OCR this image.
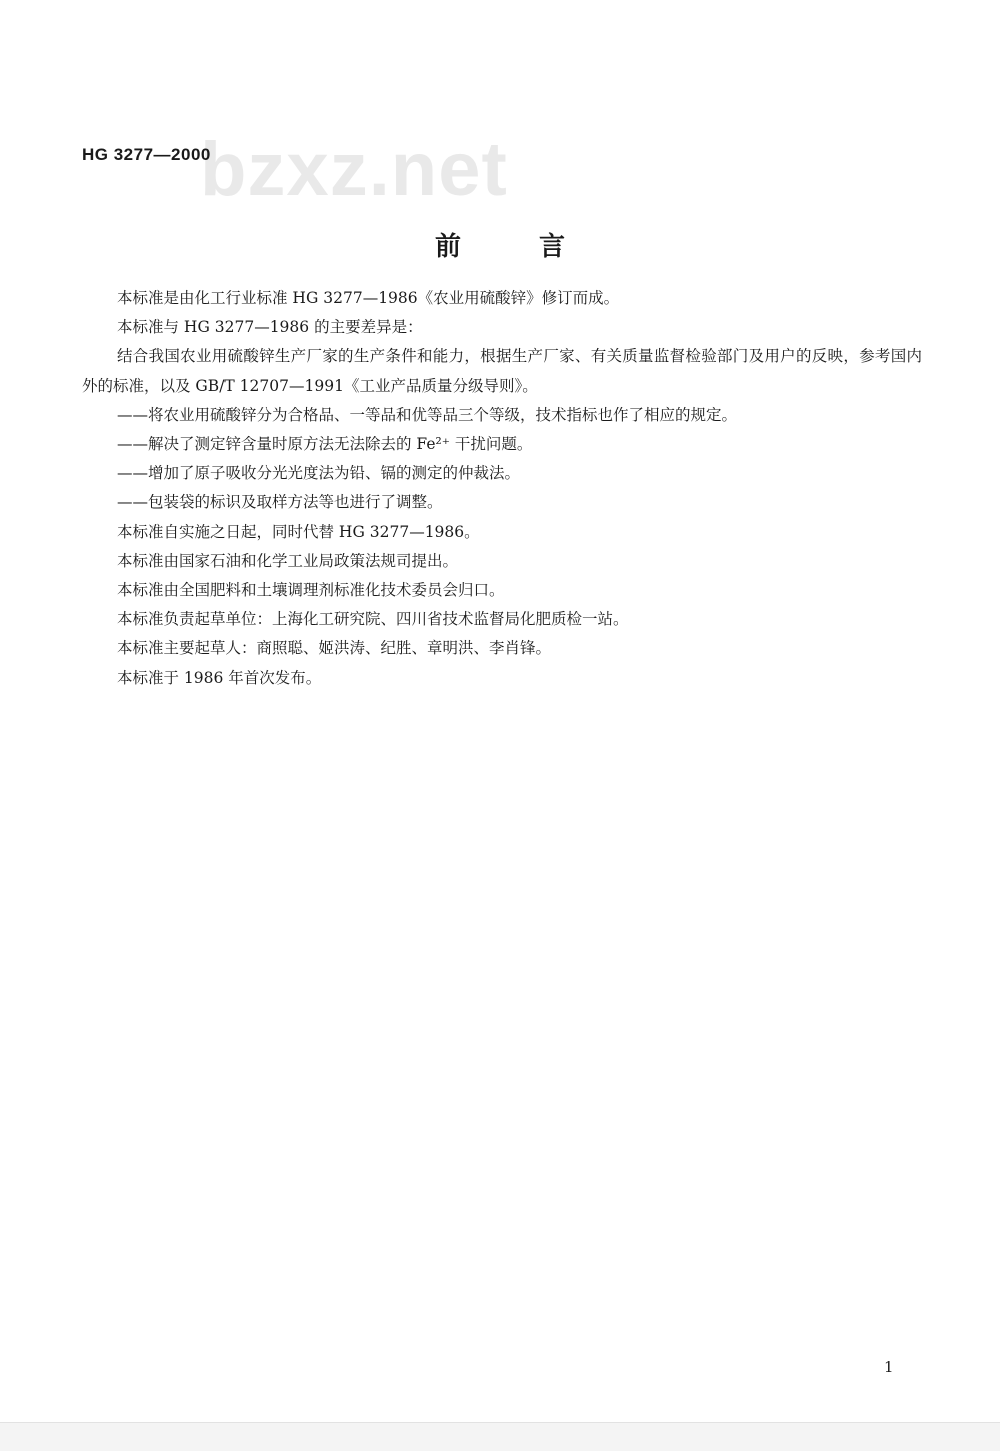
bzxz.net
HG 3277—2000
前言

本标准是由化工行业标准 HG 3277—1986《农业用硫酸锌》修订而成。

本标准与 HG 3277—1986 的主要差异是：

结合我国农业用硫酸锌生产厂家的生产条件和能力，根据生产厂家、有关质量监督检验部门及用户的反映，参考国内外的标准，以及 GB/T 12707—1991《工业产品质量分级导则》。

——将农业用硫酸锌分为合格品、一等品和优等品三个等级，技术指标也作了相应的规定。

——解决了测定锌含量时原方法无法除去的 Fe²⁺ 干扰问题。

——增加了原子吸收分光光度法为铅、镉的测定的仲裁法。

——包装袋的标识及取样方法等也进行了调整。

本标准自实施之日起，同时代替 HG 3277—1986。

本标准由国家石油和化学工业局政策法规司提出。

本标准由全国肥料和土壤调理剂标准化技术委员会归口。

本标准负责起草单位：上海化工研究院、四川省技术监督局化肥质检一站。

本标准主要起草人：商照聪、姬洪涛、纪胜、章明洪、李肖锋。

本标准于 1986 年首次发布。

1
